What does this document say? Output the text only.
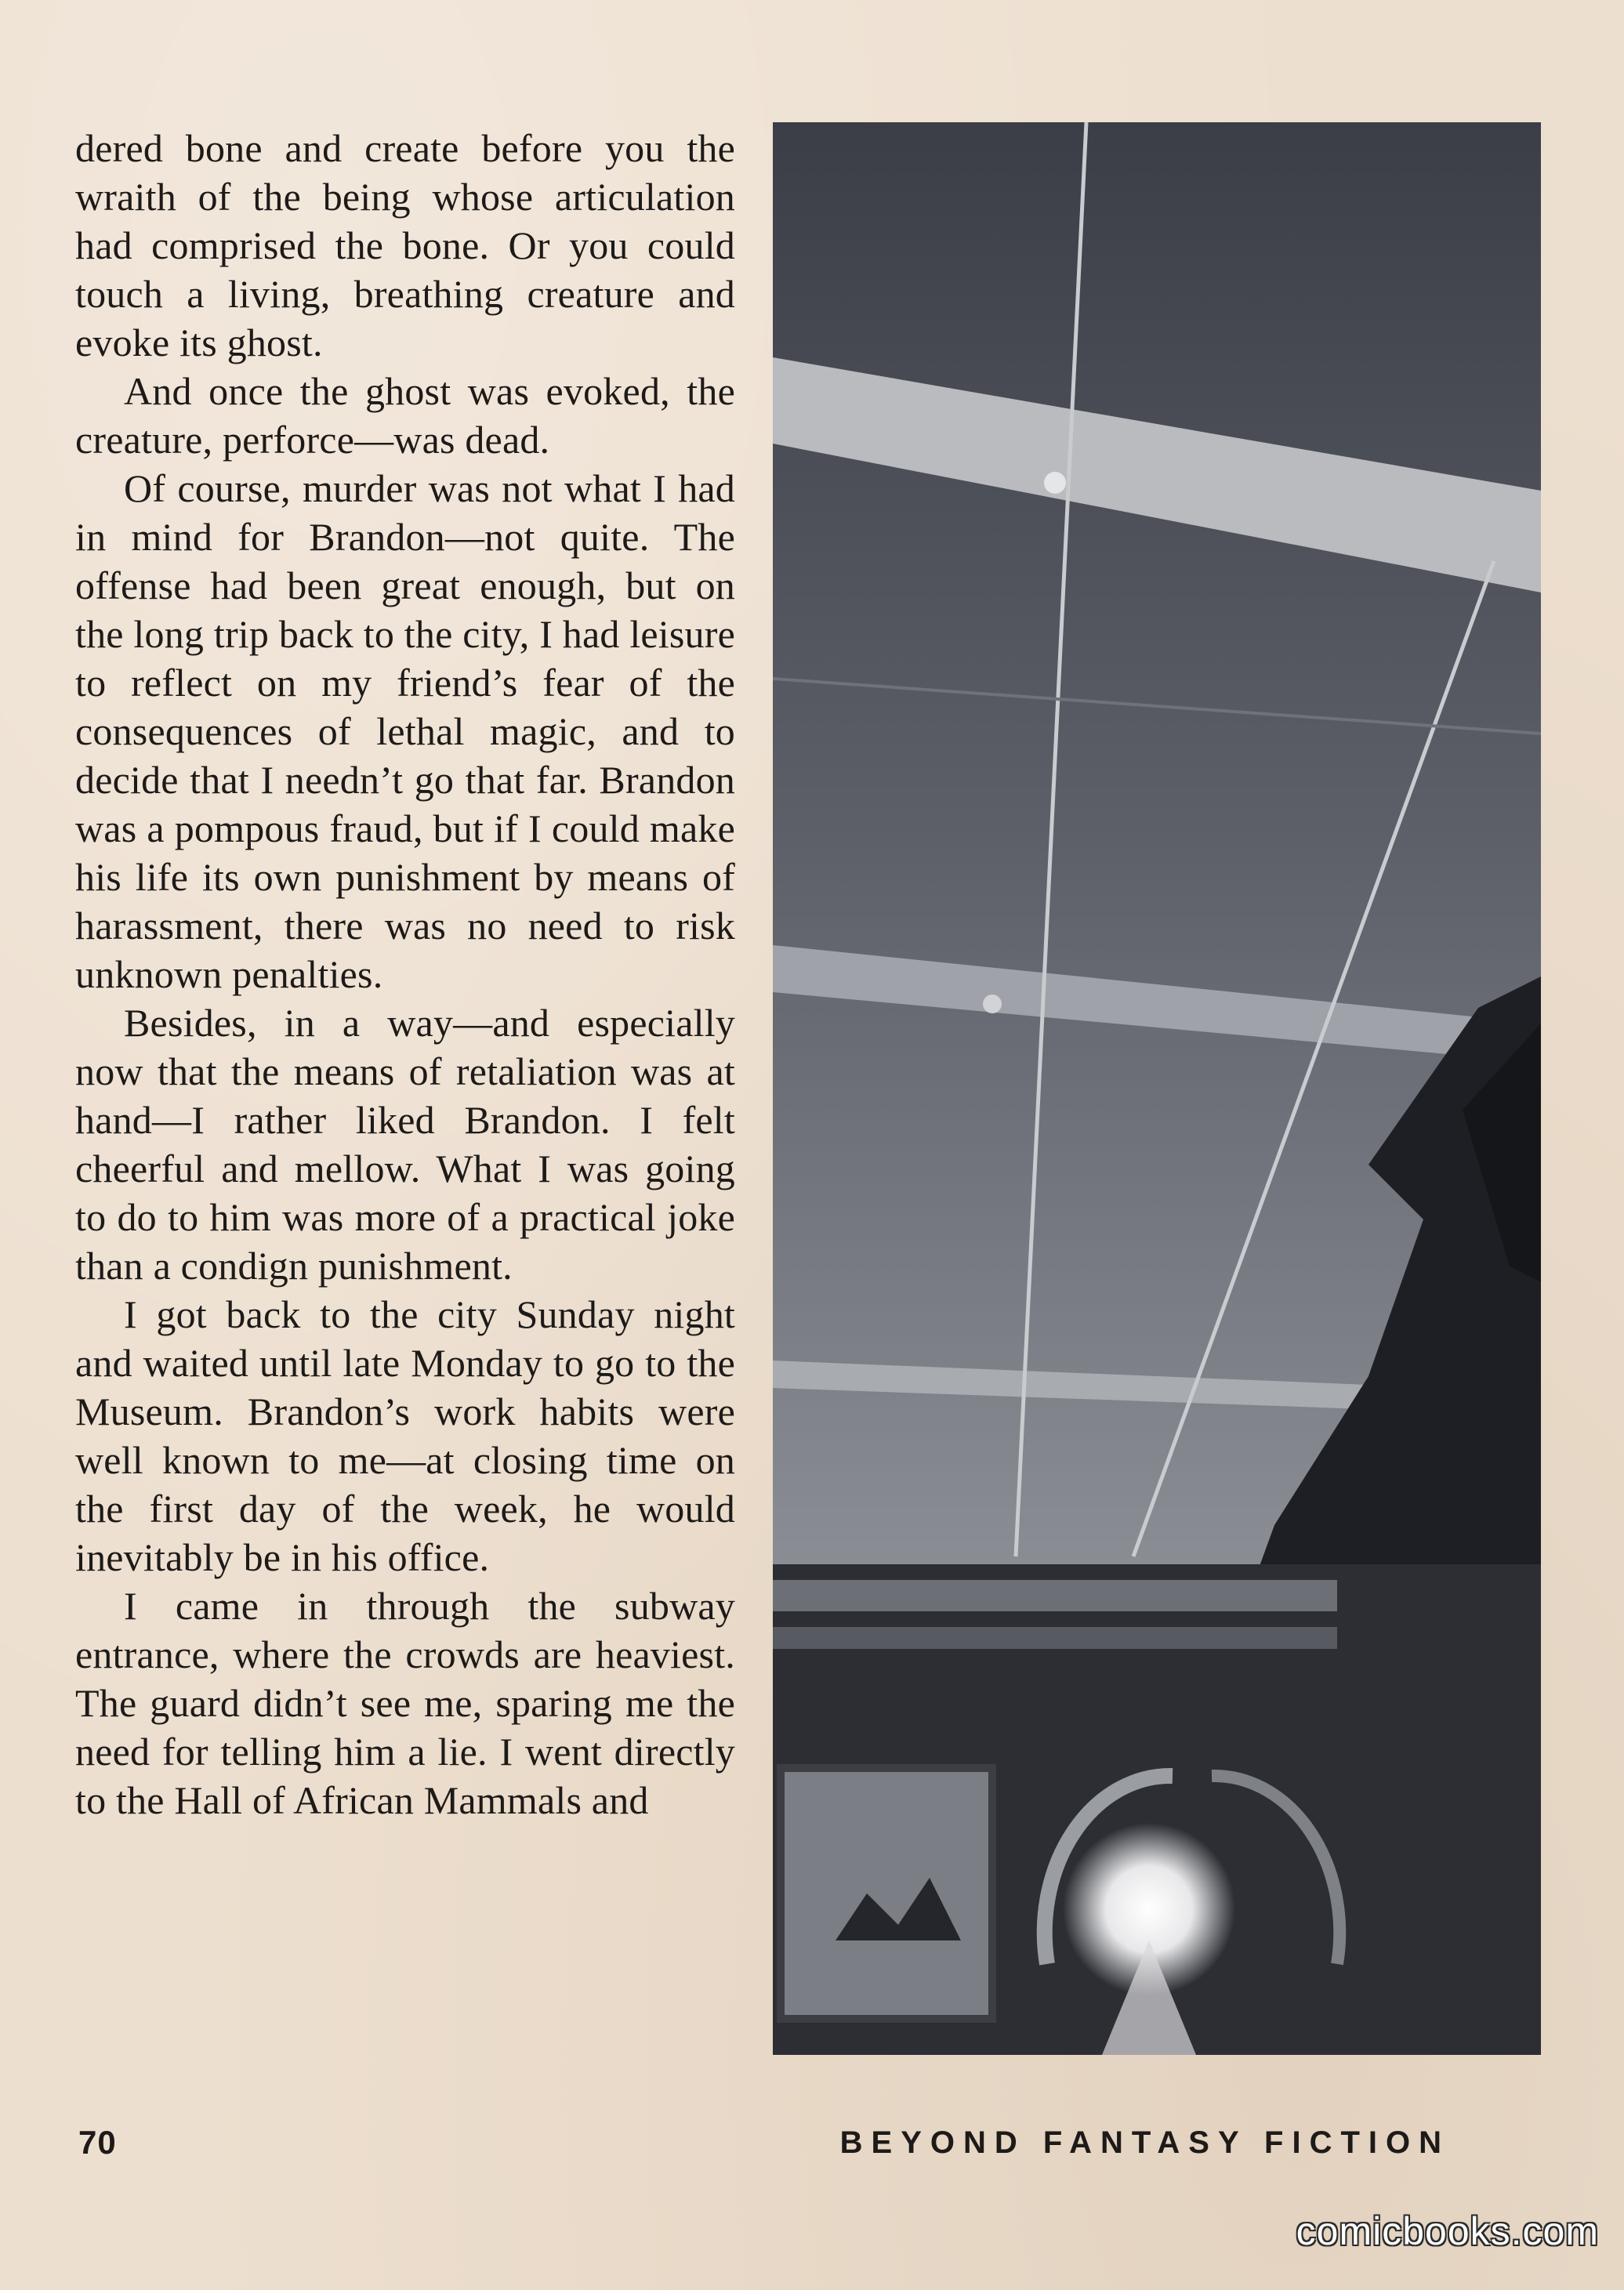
dered bone and create before you the wraith of the being whose articulation had comprised the bone. Or you could touch a living, breathing creature and evoke its ghost.

And once the ghost was evoked, the creature, perforce—was dead.

Of course, murder was not what I had in mind for Brandon—not quite. The offense had been great enough, but on the long trip back to the city, I had leisure to reflect on my friend’s fear of the consequences of lethal magic, and to decide that I needn’t go that far. Brandon was a pompous fraud, but if I could make his life its own punishment by means of harassment, there was no need to risk unknown penalties.

Besides, in a way—and especially now that the means of retaliation was at hand—I rather liked Brandon. I felt cheerful and mellow. What I was going to do to him was more of a practical joke than a condign punishment.

I got back to the city Sunday night and waited until late Monday to go to the Museum. Brandon’s work habits were well known to me—at closing time on the first day of the week, he would inevitably be in his office.

I came in through the subway entrance, where the crowds are heaviest. The guard didn’t see me, sparing me the need for telling him a lie. I went directly to the Hall of African Mammals and

70	BEYOND FANTASY FICTION
comicbooks.com
